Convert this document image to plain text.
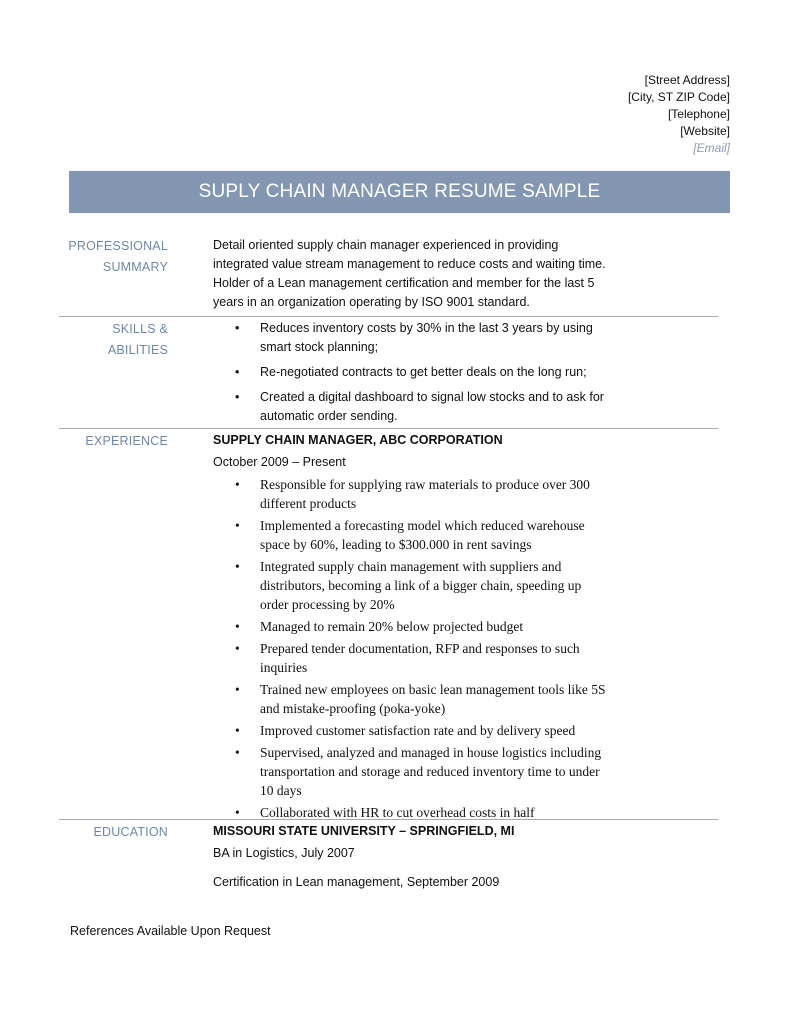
[Street Address]
[City, ST ZIP Code]
[Telephone]
[Website]
[Email]
SUPLY CHAIN MANAGER RESUME SAMPLE
PROFESSIONAL
SUMMARY
Detail oriented supply chain manager experienced in providing integrated value stream management to reduce costs and waiting time. Holder of a Lean management certification and member for the last 5 years in an organization operating by ISO 9001 standard.
SKILLS & ABILITIES
• Reduces inventory costs by 30% in the last 3 years by using smart stock planning;
• Re-negotiated contracts to get better deals on the long run;
• Created a digital dashboard to signal low stocks and to ask for automatic order sending.
EXPERIENCE	SUPPLY CHAIN MANAGER, ABC CORPORATION
October 2009 – Present
• Responsible for supplying raw materials to produce over 300 different products
• Implemented a forecasting model which reduced warehouse space by 60%, leading to $300.000 in rent savings
• Integrated supply chain management with suppliers and distributors, becoming a link of a bigger chain, speeding up order processing by 20%
• Managed to remain 20% below projected budget
• Prepared tender documentation, RFP and responses to such inquiries
• Trained new employees on basic lean management tools like 5S and mistake-proofing (poka-yoke)
• Improved customer satisfaction rate and by delivery speed
• Supervised, analyzed and managed in house logistics including transportation and storage and reduced inventory time to under 10 days
• Collaborated with HR to cut overhead costs in half
EDUCATION	MISSOURI STATE UNIVERSITY – SPRINGFIELD, MI
BA in Logistics, July 2007
Certification in Lean management, September 2009
References Available Upon Request
